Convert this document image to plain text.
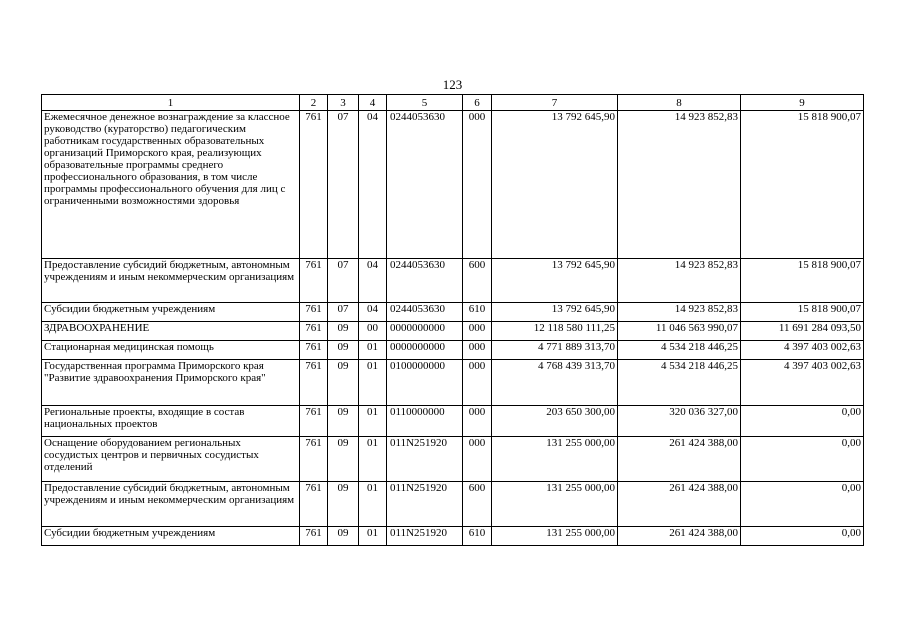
123
1	2	3	4	5	6	7	8	9
Ежемесячное денежное вознаграждение за классное руководство (кураторство) педагогическим работникам государственных образовательных организаций Приморского края, реализующих образовательные программы среднего профессионального образования, в том числе программы профессионального обучения для лиц с ограниченными возможностями здоровья	761	07	04	0244053630	000	13 792 645,90	14 923 852,83	15 818 900,07
Предоставление субсидий бюджетным, автономным учреждениям и иным некоммерческим организациям	761	07	04	0244053630	600	13 792 645,90	14 923 852,83	15 818 900,07
Субсидии бюджетным учреждениям	761	07	04	0244053630	610	13 792 645,90	14 923 852,83	15 818 900,07
ЗДРАВООХРАНЕНИЕ	761	09	00	0000000000	000	12 118 580 111,25	11 046 563 990,07	11 691 284 093,50
Стационарная медицинская помощь	761	09	01	0000000000	000	4 771 889 313,70	4 534 218 446,25	4 397 403 002,63
Государственная программа Приморского края "Развитие здравоохранения Приморского края"	761	09	01	0100000000	000	4 768 439 313,70	4 534 218 446,25	4 397 403 002,63
Региональные проекты, входящие в состав национальных проектов	761	09	01	0110000000	000	203 650 300,00	320 036 327,00	0,00
Оснащение оборудованием региональных сосудистых центров и первичных сосудистых отделений	761	09	01	011N251920	000	131 255 000,00	261 424 388,00	0,00
Предоставление субсидий бюджетным, автономным учреждениям и иным некоммерческим организациям	761	09	01	011N251920	600	131 255 000,00	261 424 388,00	0,00
Субсидии бюджетным учреждениям	761	09	01	011N251920	610	131 255 000,00	261 424 388,00	0,00
